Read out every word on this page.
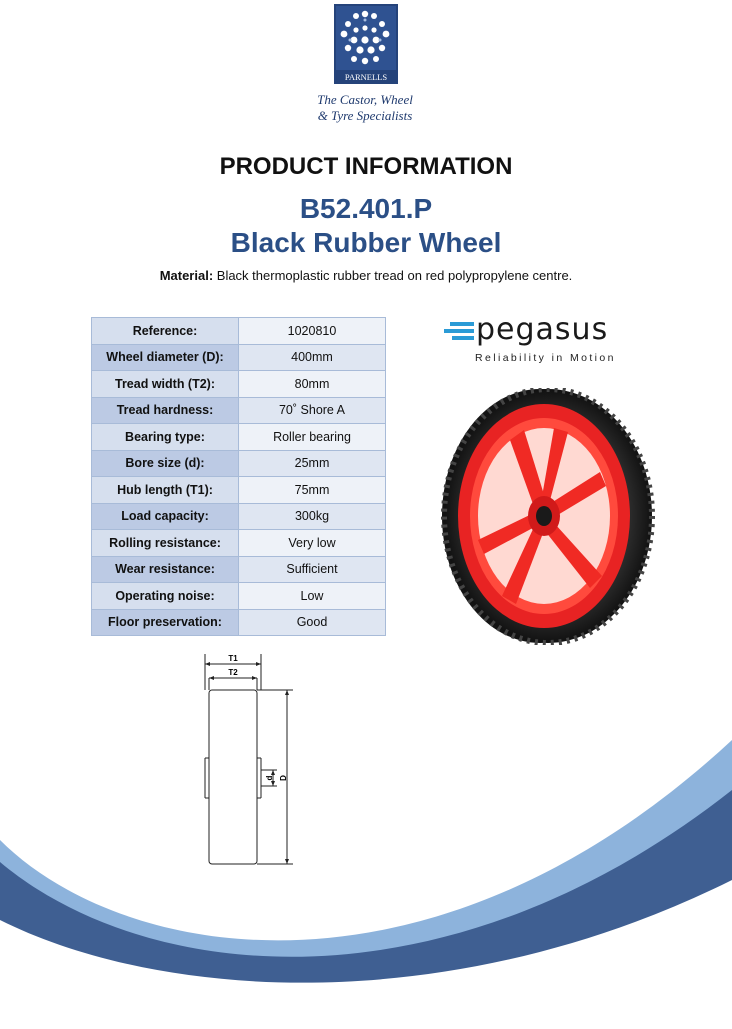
PARNELLS
The Castor, Wheel
& Tyre Specialists
PRODUCT INFORMATION
B52.401.P
Black Rubber Wheel
Material: Black thermoplastic rubber tread on red polypropylene centre.
Reference:	1020810
Wheel diameter (D):	400mm
Tread width (T2):	80mm
Tread hardness:	70˚ Shore A
Bearing type:	Roller bearing
Bore size (d):	25mm
Hub length (T1):	75mm
Load capacity:	300kg
Rolling resistance:	Very low
Wear resistance:	Sufficient
Operating noise:	Low
Floor preservation:	Good
pegasus
Reliability in Motion
T1
T2
d D
